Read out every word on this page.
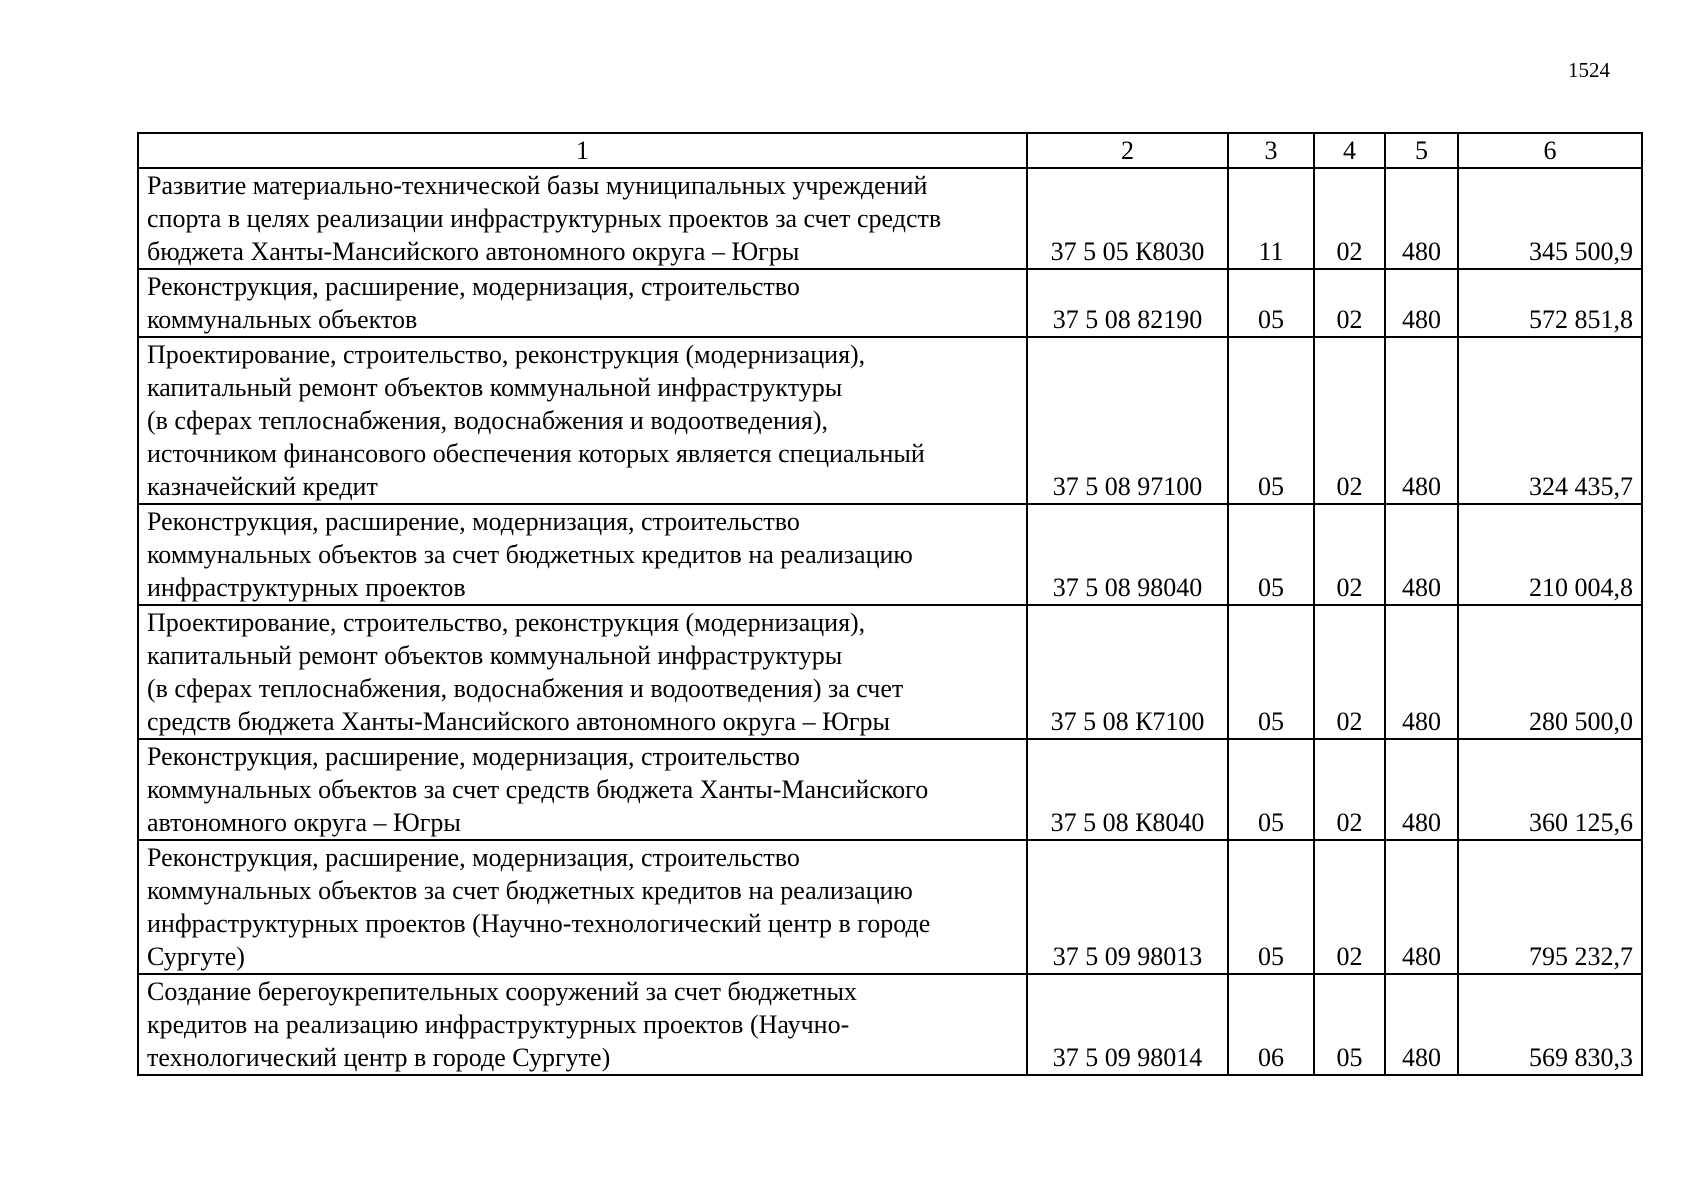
1524
1	2	3	4	5	6

Развитие материально-технической базы муниципальных учреждений
спорта в целях реализации инфраструктурных проектов за счет средств
бюджета Ханты-Мансийского автономного округа – Югры	37 5 05 К8030	11	02	480	345 500,9

Реконструкция, расширение, модернизация, строительство
коммунальных объектов	37 5 08 82190	05	02	480	572 851,8

Проектирование, строительство, реконструкция (модернизация),
капитальный ремонт объектов коммунальной инфраструктуры
(в сферах теплоснабжения, водоснабжения и водоотведения),
источником финансового обеспечения которых является специальный
казначейский кредит	37 5 08 97100	05	02	480	324 435,7

Реконструкция, расширение, модернизация, строительство
коммунальных объектов за счет бюджетных кредитов на реализацию
инфраструктурных проектов	37 5 08 98040	05	02	480	210 004,8

Проектирование, строительство, реконструкция (модернизация),
капитальный ремонт объектов коммунальной инфраструктуры
(в сферах теплоснабжения, водоснабжения и водоотведения) за счет
средств бюджета Ханты-Мансийского автономного округа – Югры	37 5 08 К7100	05	02	480	280 500,0

Реконструкция, расширение, модернизация, строительство
коммунальных объектов за счет средств бюджета Ханты-Мансийского
автономного округа – Югры	37 5 08 К8040	05	02	480	360 125,6

Реконструкция, расширение, модернизация, строительство
коммунальных объектов за счет бюджетных кредитов на реализацию
инфраструктурных проектов (Научно-технологический центр в городе
Сургуте)	37 5 09 98013	05	02	480	795 232,7

Создание берегоукрепительных сооружений за счет бюджетных
кредитов на реализацию инфраструктурных проектов (Научно-
технологический центр в городе Сургуте)	37 5 09 98014	06	05	480	569 830,3
